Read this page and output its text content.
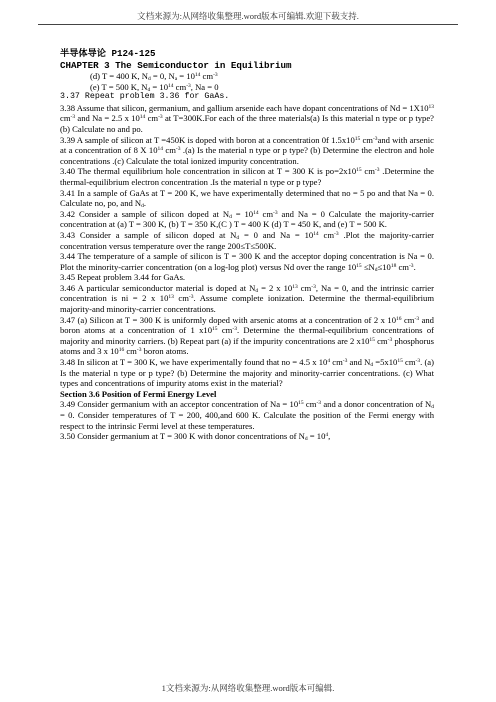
文档来源为:从网络收集整理.word版本可编辑.欢迎下载支持.

半导体导论 P124-125

CHAPTER 3 The Semiconductor in Equilibrium

(d) T = 400 K, $N_d = 0$, $N_a = 10^{14}$ $cm^{-3}$

(e) T = 500 K, $N_d = 10^{14}$ $cm^{-3}$, Na = 0

3.37 Repeat problem 3.36 for GaAs.

3.38 Assume that silicon, germanium, and gallium arsenide each have dopant concentrations of $Nd = 1X10^{13}$ $cm^{-3}$ and Na = 2.5 x $10^{14}$ $cm^{-3}$ at T=300K.For each of the three materials(a) Is this material n type or p type?(b) Calculate no and po.

3.39 A sample of silicon at T =450K is doped with boron at a concentration 0f $1.5x10^{15}$ $cm^{-3}and$ with arsenic at a concentration of 8 X $10^{14}$ $cm^{-3}$ .(a) Is the material n type or p type? (b) Determine the electron and hole concentrations .(c) Calculate the total ionized impurity concentration.

3.40 The thermal equilibrium hole concentration in silicon at T = 300 K is $po=2x10^{15}$ $cm^{-3}$ .Determine the thermal-equilibrium electron concentration .Is the material n type or p type?

3.41 In a sample of GaAs at T = 200 K, we have experimentally determined that no = 5 po and that Na = 0. Calculate no, po, and $N_d$.

3.42 Consider a sample of silicon doped at $N_d = 10^{14}$ $cm^{-3}$ and Na = 0 Calculate the majority-carrier concentration at (a) T = 300 K, (b) T = 350 K,(C ) T = 400 K (d) T = 450 K, and (e) T = 500 K.

3.43 Consider a sample of silicon doped at $N_d = 0$ and $Na = 10^{14}$ $cm^{-3}$ .Plot the majority-carrier concentration versus temperature over the range 200≤T≤500K.

3.44 The temperature of a sample of silicon is T = 300 K and the acceptor doping concentration is Na = 0. Plot the minority-carrier concentration (on a log-log plot) versus Nd over the range $10^{15} \le N_d\le 10^{18}$ $cm^{-3}$.

3.45 Repeat problem 3.44 for GaAs.

3.46 A particular semiconductor material is doped at $N_d = 2$ x $10^{13}$ $cm^{-3}$, Na = 0, and the intrinsic carrier concentration is ni = 2 x $10^{13}$ $cm^{-3}$. Assume complete ionization. Determine the thermal-equilibrium majority-and minority-carrier concentrations.

3.47 (a) Silicon at T = 300 K is uniformly doped with arsenic atoms at a concentration of 2 x $10^{16}$ $cm^{-3}$ and boron atoms at a concentration of 1 $x10^{15}$ $cm^{-3}$. Determine the thermal-equilibrium concentrations of majority and minority carriers. (b) Repeat part (a) if the impurity concentrations are 2 $x10^{15}$ $cm^{-3}$ phosphorus atoms and 3 x $10^{16}$ $cm^{-3}$ boron atoms.

3.48 In silicon at T = 300 K, we have experimentally found that no = 4.5 x $10^4$ $cm^{-3}$ and $N_d =5x10^{15}$ $cm^{-3}$. (a) Is the material n type or p type? (b) Determine the majority and minority-carrier concentrations. (c) What types and concentrations of impurity atoms exist in the material?

Section 3.6 Position of Fermi Energy Level

3.49 Consider germanium with an acceptor concentration of $Na = 10^{15}$ $cm^{-3}$ and a donor concentration of $N_d = 0$. Consider temperatures of T = 200, 400,and 600 K. Calculate the position of the Fermi energy with respect to the intrinsic Fermi level at these temperatures.

3.50 Consider germanium at T = 300 K with donor concentrations of $N_d = 10^4$,

1文档来源为:从网络收集整理.word版本可编辑.
